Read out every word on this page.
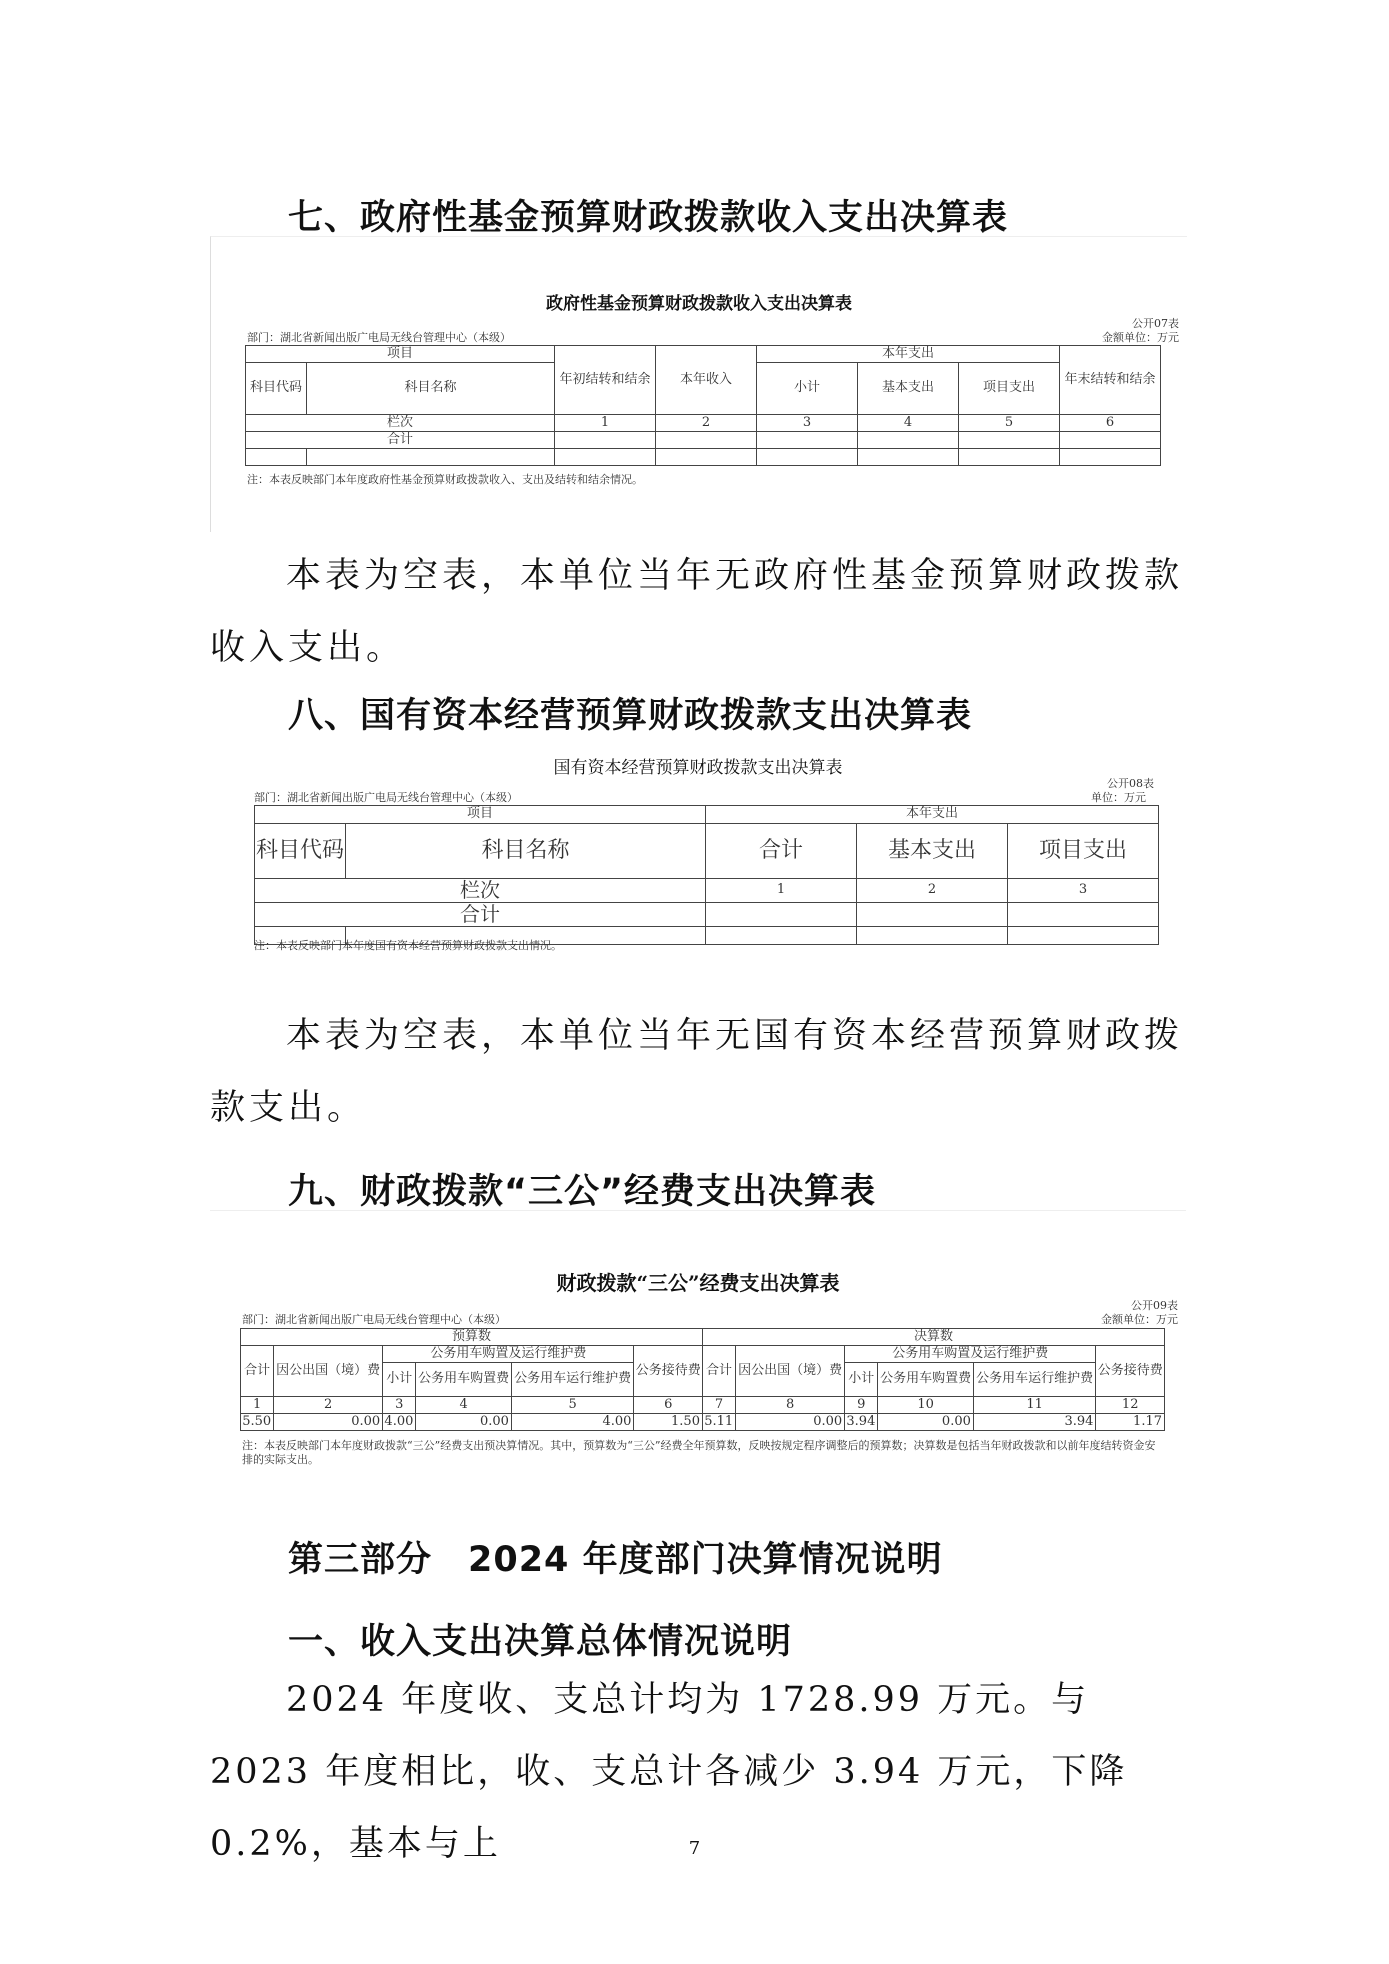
七、政府性基金预算财政拨款收入支出决算表
政府性基金预算财政拨款收入支出决算表
公开07表
部门：湖北省新闻出版广电局无线台管理中心（本级）	金额单位：万元
项目		年初结转和结余	本年收入	本年支出			年末结转和结余
科目代码	科目名称			小计	基本支出	项目支出	
栏次		1	2	3	4	5	6
合计							

注：本表反映部门本年度政府性基金预算财政拨款收入、支出及结转和结余情况。
本表为空表，本单位当年无政府性基金预算财政拨款收入支出。
八、国有资本经营预算财政拨款支出决算表
国有资本经营预算财政拨款支出决算表
公开08表
部门：湖北省新闻出版广电局无线台管理中心（本级）	单位：万元
项目		本年支出		
科目代码	科目名称	合计	基本支出	项目支出
栏次		1	2	3
合计				

注：本表反映部门本年度国有资本经营预算财政拨款支出情况。
本表为空表，本单位当年无国有资本经营预算财政拨款支出。
九、财政拨款“三公”经费支出决算表
财政拨款“三公”经费支出决算表
公开09表
部门：湖北省新闻出版广电局无线台管理中心（本级）	金额单位：万元
预算数						决算数					
合计	因公出国（境）费	公务用车购置及运行维护费			公务接待费	合计	因公出国（境）费	公务用车购置及运行维护费			公务接待费
		小计	公务用车购置费	公务用车运行维护费				小计	公务用车购置费	公务用车运行维护费	
1	2	3	4	5	6	7	8	9	10	11	12
5.50	0.00	4.00	0.00	4.00	1.50	5.11	0.00	3.94	0.00	3.94	1.17
注：本表反映部门本年度财政拨款“三公”经费支出预决算情况。其中，预算数为“三公”经费全年预算数，反映按规定程序调整后的预算数；决算数是包括当年财政拨款和以前年度结转资金安排的实际支出。
第三部分　2024 年度部门决算情况说明
一、收入支出决算总体情况说明
2024 年度收、支总计均为 1728.99 万元。与 2023 年度相比，收、支总计各减少 3.94 万元，下降 0.2%，基本与上	7
